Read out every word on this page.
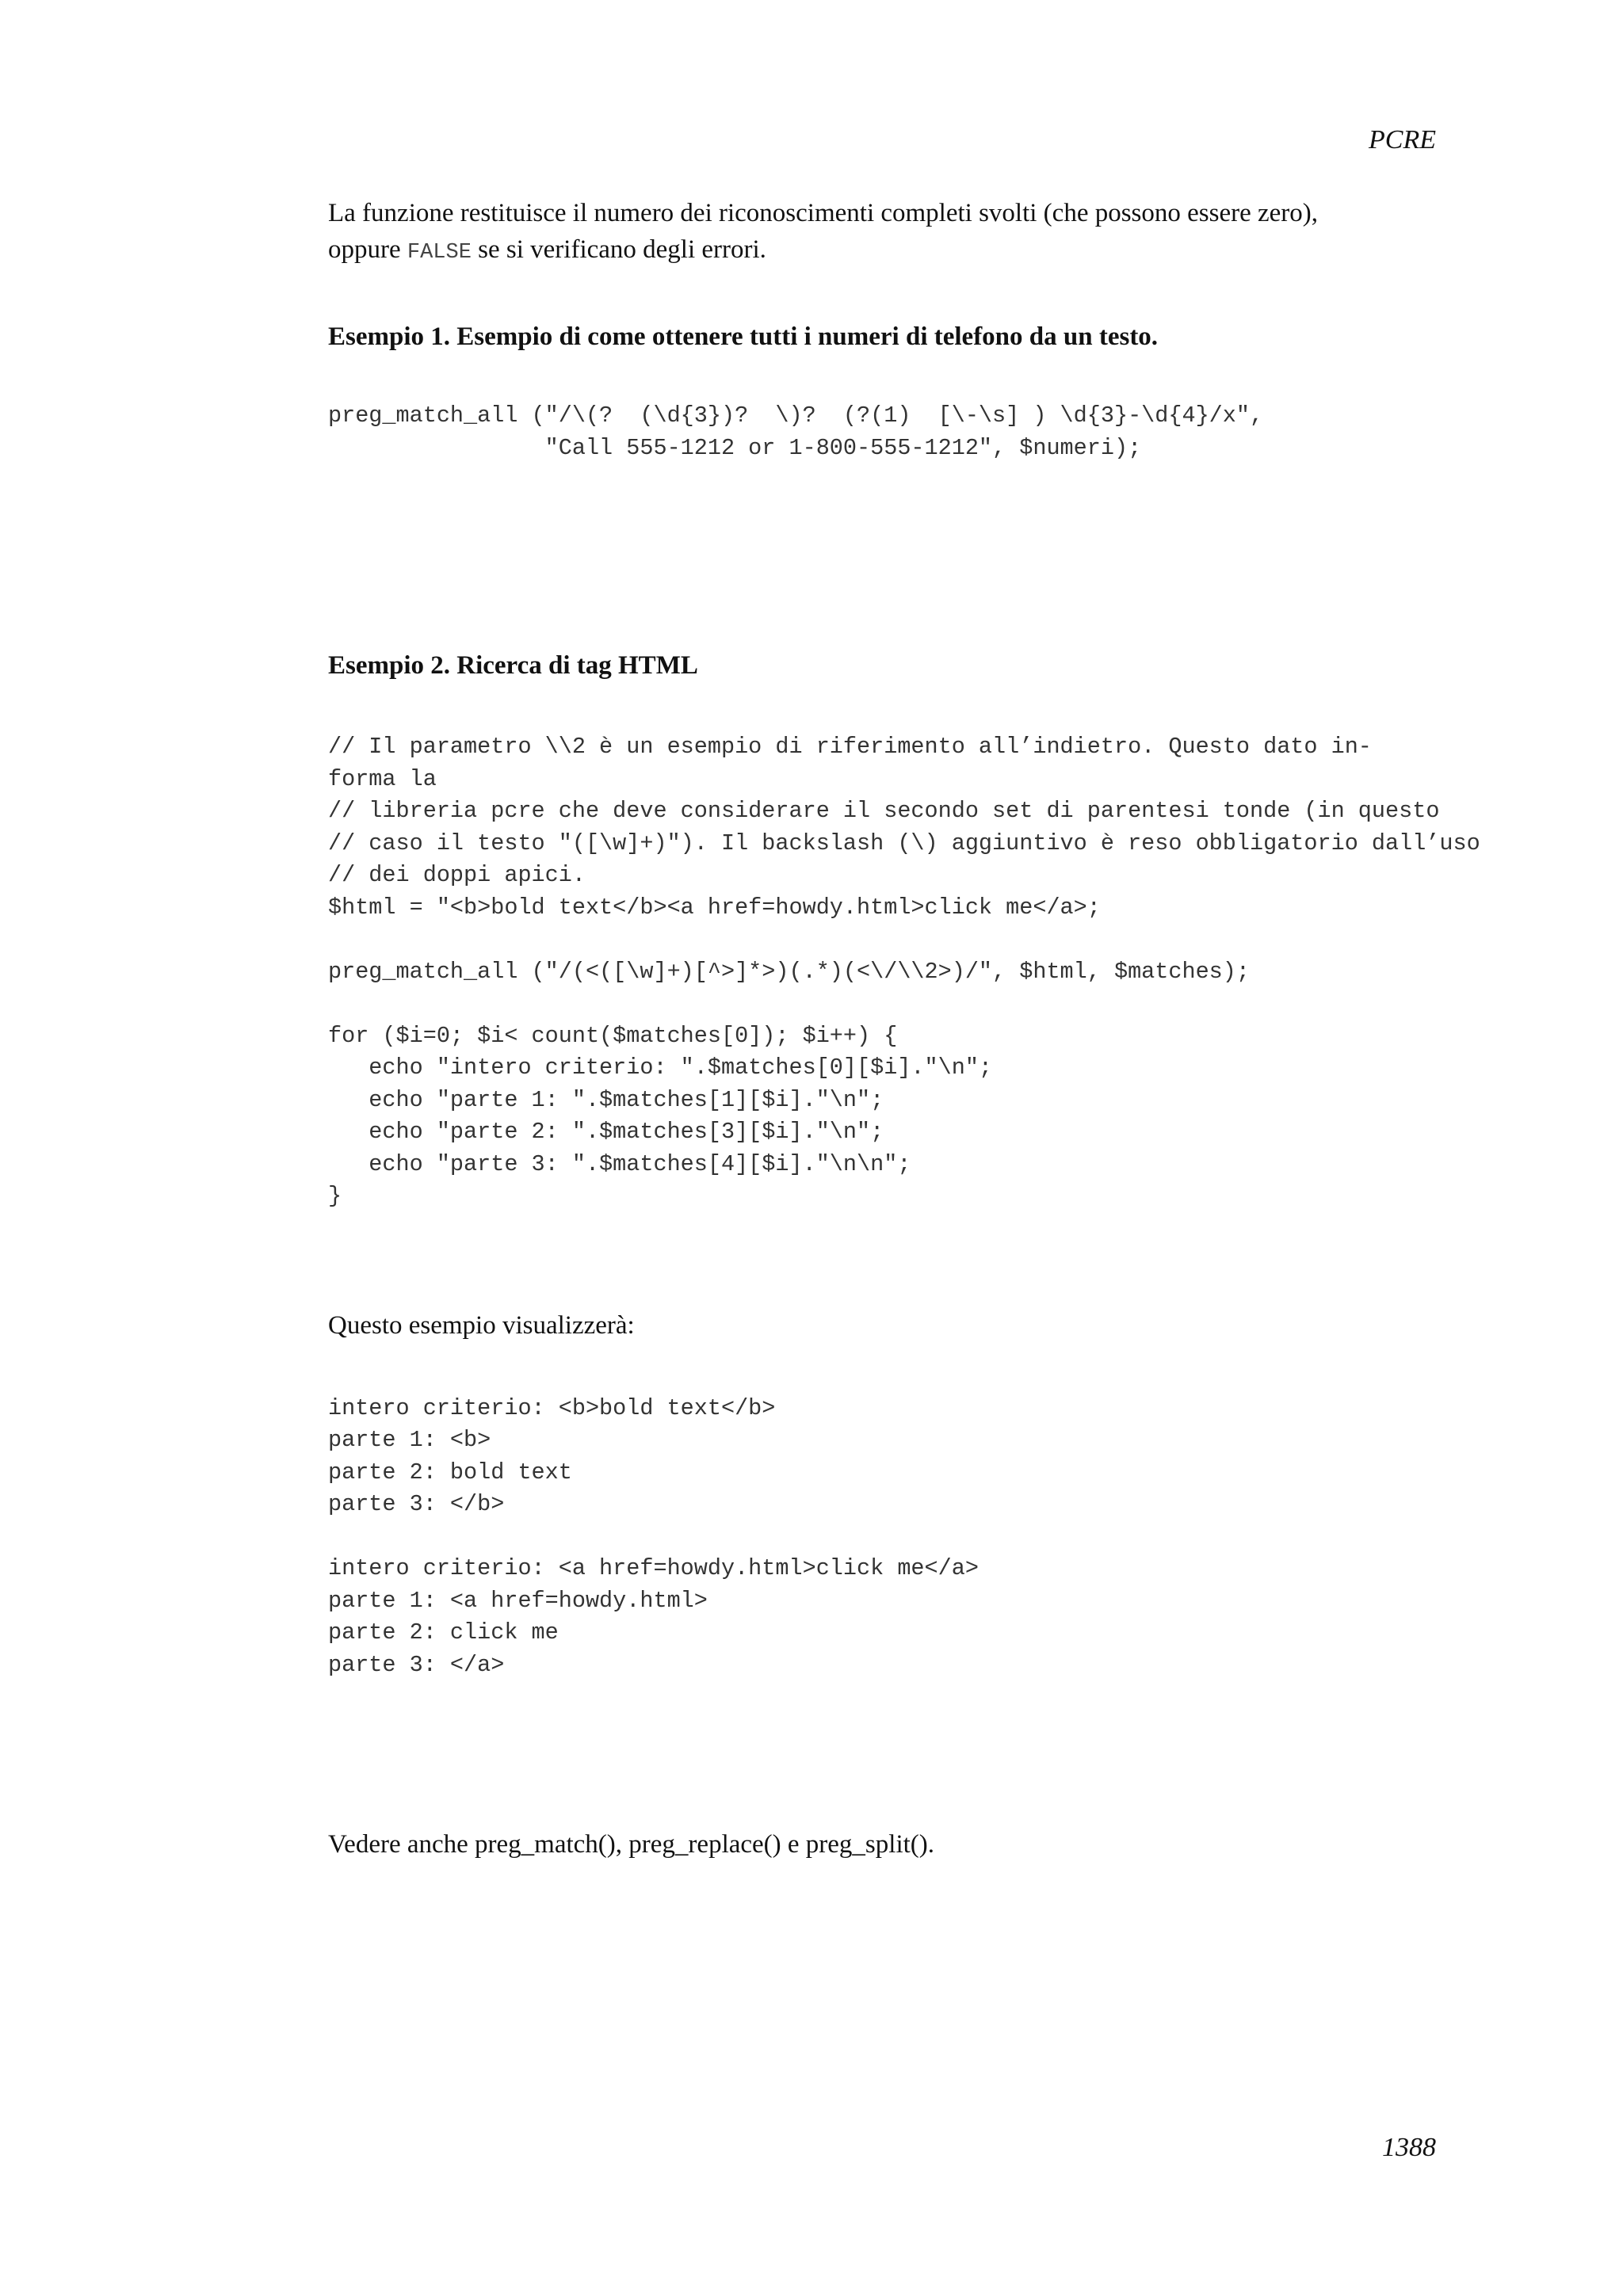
PCRE

La funzione restituisce il numero dei riconoscimenti completi svolti (che possono essere zero),
oppure FALSE se si verificano degli errori.

Esempio 1. Esempio di come ottenere tutti i numeri di telefono da un testo.

preg_match_all ("/\(?  (\d{3})?  \)?  (?(1)  [\-\s] ) \d{3}-\d{4}/x",
"Call 555-1212 or 1-800-555-1212", $numeri);

Esempio 2. Ricerca di tag HTML

// Il parametro \\2 è un esempio di riferimento all’indietro. Questo dato in-
forma la
// libreria pcre che deve considerare il secondo set di parentesi tonde (in questo
// caso il testo "([\w]+)"). Il backslash (\) aggiuntivo è reso obbligatorio dall’uso
// dei doppi apici.
$html = "<b>bold text</b><a href=howdy.html>click me</a>;
preg_match_all ("/(<([\w]+)[^>]*>)(.*)(<\/\\2>)/", $html, $matches);
for ($i=0; $i< count($matches[0]); $i++) {
echo "intero criterio: ".$matches[0][$i]."\n";
echo "parte 1: ".$matches[1][$i]."\n";
echo "parte 2: ".$matches[3][$i]."\n";
echo "parte 3: ".$matches[4][$i]."\n\n";
}

Questo esempio visualizzerà:

intero criterio: <b>bold text</b>
parte 1: <b>
parte 2: bold text
parte 3: </b>
intero criterio: <a href=howdy.html>click me</a>
parte 1: <a href=howdy.html>
parte 2: click me
parte 3: </a>

Vedere anche preg_match(), preg_replace() e preg_split().

1388
